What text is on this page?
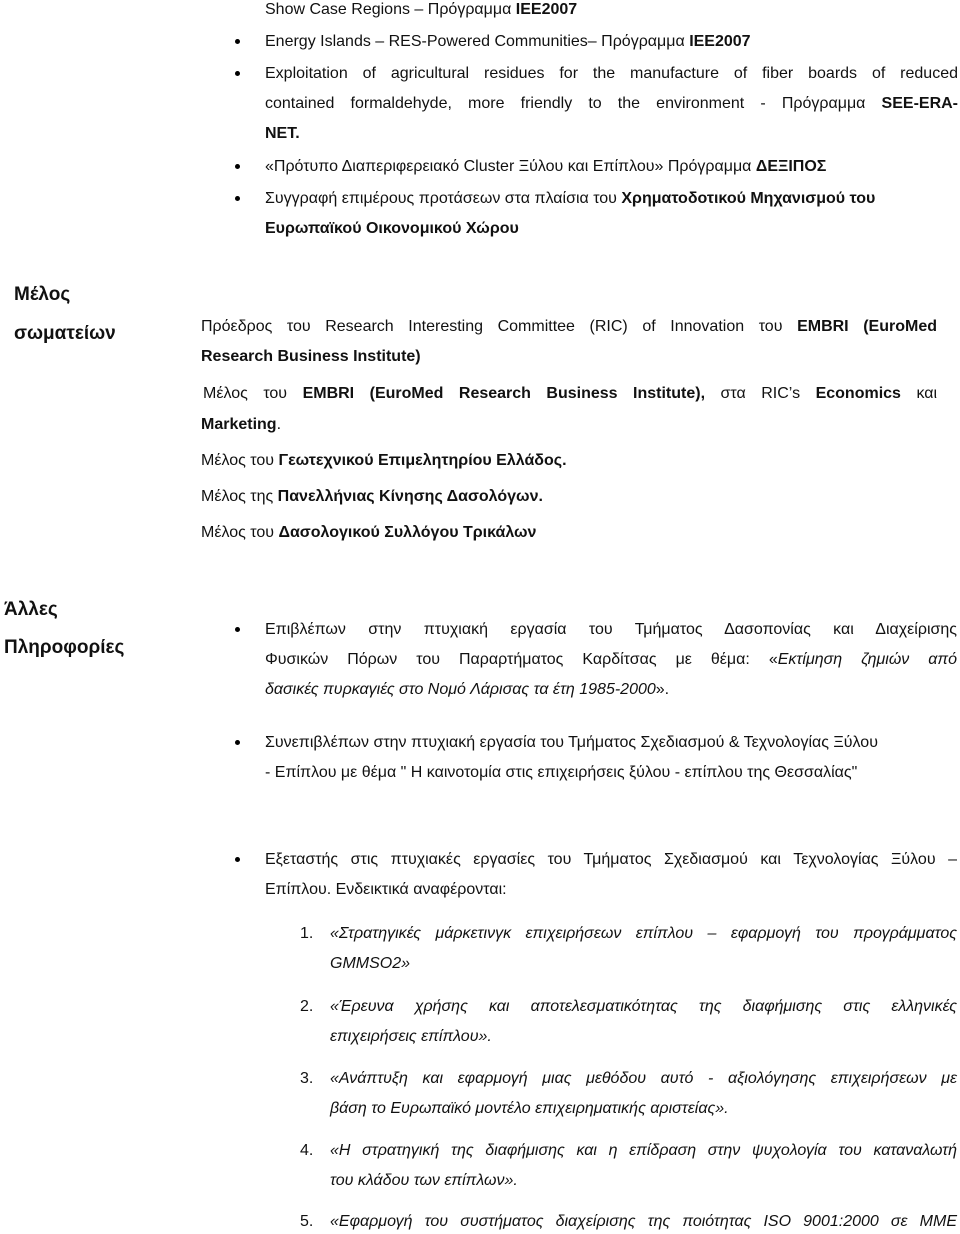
Show Case Regions – Πρόγραμμα IEE2007
Energy Islands – RES-Powered Communities– Πρόγραμμα IEE2007
Exploitation of agricultural residues for the manufacture of fiber boards of reduced
contained formaldehyde, more friendly to the environment - Πρόγραμμα SEE-ERA-
NET.
«Πρότυπο Διαπεριφερειακό Cluster Ξύλου και Επίπλου» Πρόγραμμα ΔΕΞΙΠΟΣ
Συγγραφή επιμέρους προτάσεων στα πλαίσια του Χρηματοδοτικού Μηχανισμού του
Ευρωπαϊκού Οικονομικού Χώρου
Μέλος
σωματείων	Πρόεδρος του Research Interesting Committee (RIC) of Innovation του EMBRI (EuroMed
Research Business Institute)
Μέλος του EMBRI (EuroMed Research Business Institute), στα RIC’s Economics και
Marketing.
Μέλος του Γεωτεχνικού Επιμελητηρίου Ελλάδος.
Μέλος της Πανελλήνιας Κίνησης Δασολόγων.
Μέλος του Δασολογικού Συλλόγου Τρικάλων
Άλλες
Πληροφορίες
Επιβλέπων στην πτυχιακή εργασία του Τμήματος Δασοπονίας και Διαχείρισης
Φυσικών Πόρων του Παραρτήματος Καρδίτσας με θέμα: «Εκτίμηση ζημιών από
δασικές πυρκαγιές στο Νομό Λάρισας τα έτη 1985-2000».
Συνεπιβλέπων στην πτυχιακή εργασία του Τμήματος Σχεδιασμού & Τεχνολογίας Ξύλου
- Επίπλου με θέμα " Η καινοτομία στις επιχειρήσεις ξύλου - επίπλου της Θεσσαλίας"
Εξεταστής στις πτυχιακές εργασίες του Τμήματος Σχεδιασμού και Τεχνολογίας Ξύλου –
Επίπλου. Ενδεικτικά αναφέρονται:
1. «Στρατηγικές μάρκετινγκ επιχειρήσεων επίπλου – εφαρμογή του προγράμματος
GMMSO2»
2. «Έρευνα χρήσης και αποτελεσματικότητας της διαφήμισης στις ελληνικές
επιχειρήσεις επίπλου».
3. «Ανάπτυξη και εφαρμογή μιας μεθόδου αυτό - αξιολόγησης επιχειρήσεων με
βάση το Ευρωπαϊκό μοντέλο επιχειρηματικής αριστείας».
4. «Η στρατηγική της διαφήμισης και η επίδραση στην ψυχολογία του καταναλωτή
του κλάδου των επίπλων».
5. «Εφαρμογή του συστήματος διαχείρισης της ποιότητας ISO 9001:2000 σε ΜΜΕ
